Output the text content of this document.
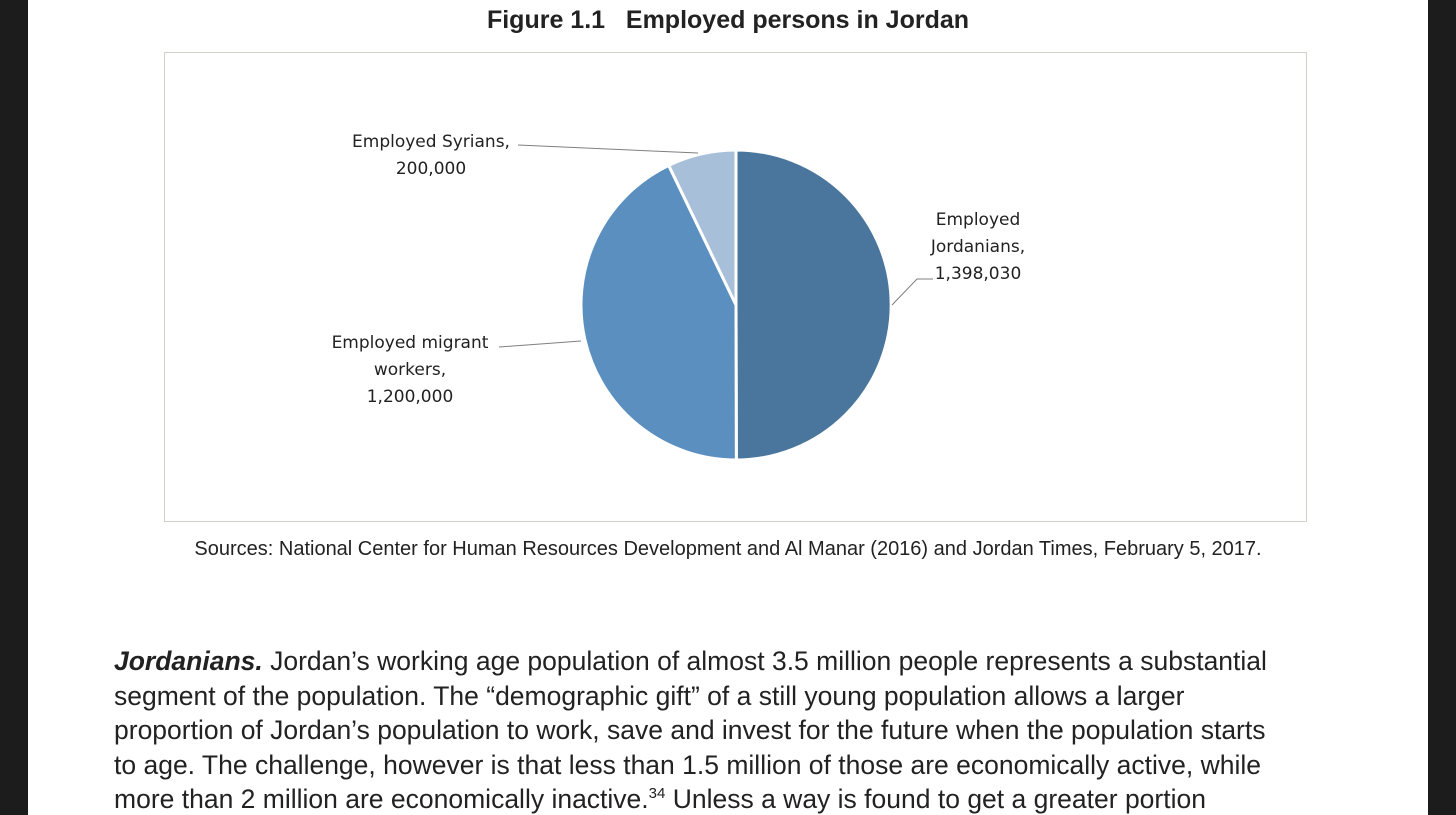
Figure 1.1   Employed persons in Jordan
Employed Jordanians, 1,398,030
Employed migrant workers, 1,200,000
Employed Syrians, 200,000
Sources: National Center for Human Resources Development and Al Manar (2016) and Jordan Times, February 5, 2017.

Jordanians. Jordan’s working age population of almost 3.5 million people represents a substantial
segment of the population. The “demographic gift” of a still young population allows a larger
proportion of Jordan’s population to work, save and invest for the future when the population starts
to age. The challenge, however is that less than 1.5 million of those are economically active, while
more than 2 million are economically inactive.$^{34}$ Unless a way is found to get a greater portion
